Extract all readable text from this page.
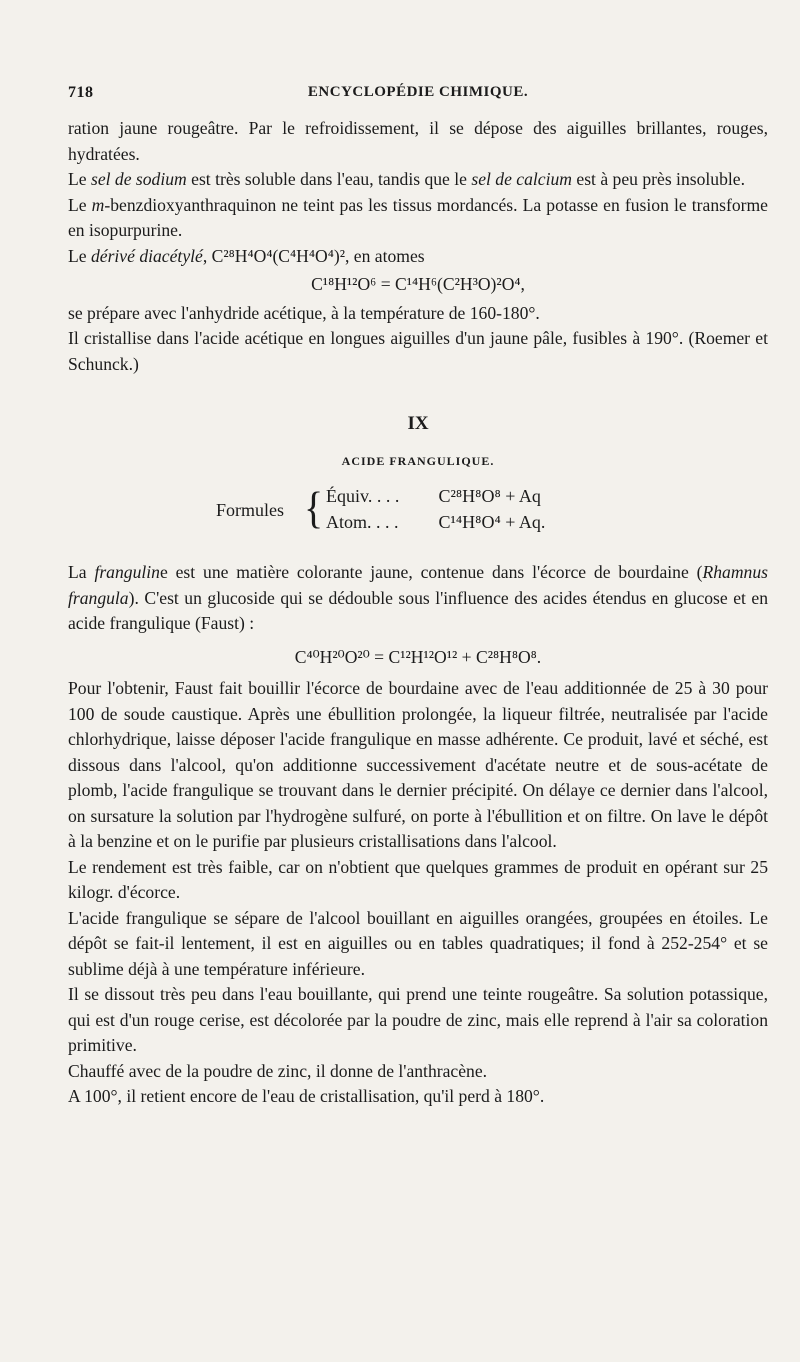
718	ENCYCLOPÉDIE CHIMIQUE.

ration jaune rougeâtre. Par le refroidissement, il se dépose des aiguilles brillantes, rouges, hydratées.

Le sel de sodium est très soluble dans l'eau, tandis que le sel de calcium est à peu près insoluble.

Le m-benzdioxyanthraquinon ne teint pas les tissus mordancés. La potasse en fusion le transforme en isopurpurine.

Le dérivé diacétylé, C²⁸H⁴O⁴(C⁴H⁴O⁴)², en atomes

C¹⁸H¹²O⁶ = C¹⁴H⁶(C²H³O)²O⁴,

se prépare avec l'anhydride acétique, à la température de 160-180°.

Il cristallise dans l'acide acétique en longues aiguilles d'un jaune pâle, fusibles à 190°. (Roemer et Schunck.)

IX
ACIDE FRANGULIQUE.
Formules { Équiv. . . . C²⁸H⁸O⁸ + Aq
Atom. . . . C¹⁴H⁸O⁴ + Aq.

La franguline est une matière colorante jaune, contenue dans l'écorce de bourdaine (Rhamnus frangula). C'est un glucoside qui se dédouble sous l'influence des acides étendus en glucose et en acide frangulique (Faust) :

C⁴⁰H²⁰O²⁰ = C¹²H¹²O¹² + C²⁸H⁸O⁸.

Pour l'obtenir, Faust fait bouillir l'écorce de bourdaine avec de l'eau additionnée de 25 à 30 pour 100 de soude caustique. Après une ébullition prolongée, la liqueur filtrée, neutralisée par l'acide chlorhydrique, laisse déposer l'acide frangulique en masse adhérente. Ce produit, lavé et séché, est dissous dans l'alcool, qu'on additionne successivement d'acétate neutre et de sous-acétate de plomb, l'acide frangulique se trouvant dans le dernier précipité. On délaye ce dernier dans l'alcool, on sursature la solution par l'hydrogène sulfuré, on porte à l'ébullition et on filtre. On lave le dépôt à la benzine et on le purifie par plusieurs cristallisations dans l'alcool.

Le rendement est très faible, car on n'obtient que quelques grammes de produit en opérant sur 25 kilogr. d'écorce.

L'acide frangulique se sépare de l'alcool bouillant en aiguilles orangées, groupées en étoiles. Le dépôt se fait-il lentement, il est en aiguilles ou en tables quadratiques; il fond à 252-254° et se sublime déjà à une température inférieure.

Il se dissout très peu dans l'eau bouillante, qui prend une teinte rougeâtre. Sa solution potassique, qui est d'un rouge cerise, est décolorée par la poudre de zinc, mais elle reprend à l'air sa coloration primitive.

Chauffé avec de la poudre de zinc, il donne de l'anthracène.

A 100°, il retient encore de l'eau de cristallisation, qu'il perd à 180°.
